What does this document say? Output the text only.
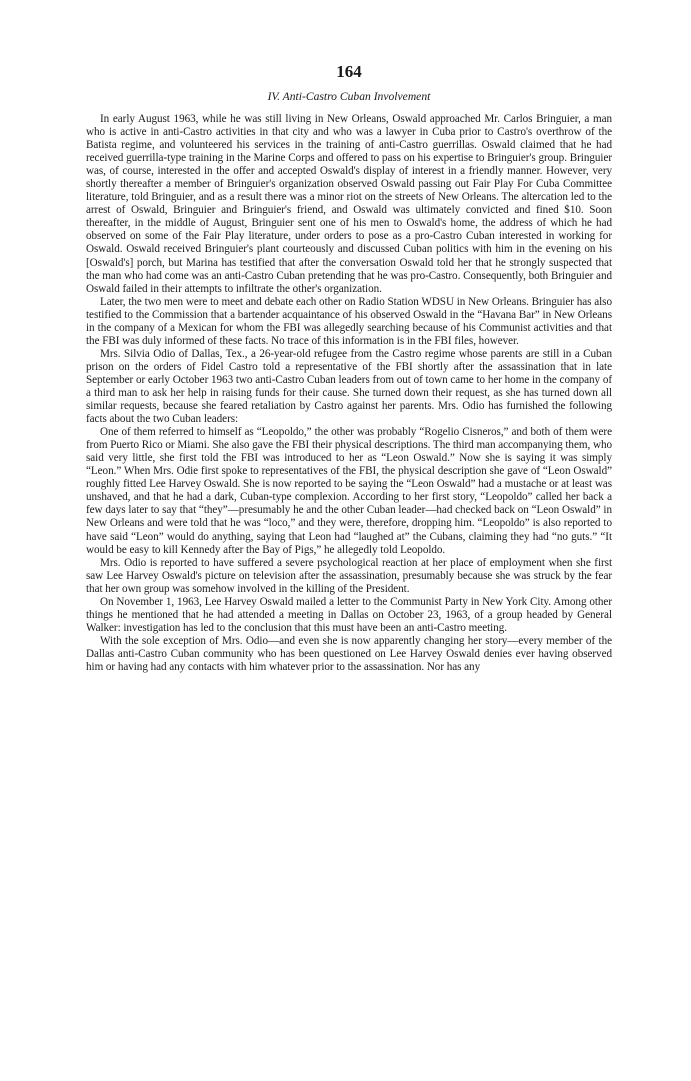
164
IV. Anti-Castro Cuban Involvement

In early August 1963, while he was still living in New Orleans, Oswald approached Mr. Carlos Bringuier, a man who is active in anti-Castro activities in that city and who was a lawyer in Cuba prior to Castro's overthrow of the Batista regime, and volunteered his services in the training of anti-Castro guerrillas. Oswald claimed that he had received guerrilla-type training in the Marine Corps and offered to pass on his expertise to Bringuier's group. Bringuier was, of course, interested in the offer and accepted Oswald's display of interest in a friendly manner. However, very shortly thereafter a member of Bringuier's organization observed Oswald passing out Fair Play For Cuba Committee literature, told Bringuier, and as a result there was a minor riot on the streets of New Orleans. The altercation led to the arrest of Oswald, Bringuier and Bringuier's friend, and Oswald was ultimately convicted and fined $10. Soon thereafter, in the middle of August, Bringuier sent one of his men to Oswald's home, the address of which he had observed on some of the Fair Play literature, under orders to pose as a pro-Castro Cuban interested in working for Oswald. Oswald received Bringuier's plant courteously and discussed Cuban politics with him in the evening on his [Oswald's] porch, but Marina has testified that after the conversation Oswald told her that he strongly suspected that the man who had come was an anti-Castro Cuban pretending that he was pro-Castro. Consequently, both Bringuier and Oswald failed in their attempts to infiltrate the other's organization.

Later, the two men were to meet and debate each other on Radio Station WDSU in New Orleans. Bringuier has also testified to the Commission that a bartender acquaintance of his observed Oswald in the “Havana Bar” in New Orleans in the company of a Mexican for whom the FBI was allegedly searching because of his Communist activities and that the FBI was duly informed of these facts. No trace of this information is in the FBI files, however.

Mrs. Silvia Odio of Dallas, Tex., a 26-year-old refugee from the Castro regime whose parents are still in a Cuban prison on the orders of Fidel Castro told a representative of the FBI shortly after the assassination that in late September or early October 1963 two anti-Castro Cuban leaders from out of town came to her home in the company of a third man to ask her help in raising funds for their cause. She turned down their request, as she has turned down all similar requests, because she feared retaliation by Castro against her parents. Mrs. Odio has furnished the following facts about the two Cuban leaders:

One of them referred to himself as “Leopoldo,” the other was probably “Rogelio Cisneros,” and both of them were from Puerto Rico or Miami. She also gave the FBI their physical descriptions. The third man accompanying them, who said very little, she first told the FBI was introduced to her as “Leon Oswald.” Now she is saying it was simply “Leon.” When Mrs. Odie first spoke to representatives of the FBI, the physical description she gave of “Leon Oswald” roughly fitted Lee Harvey Oswald. She is now reported to be saying the “Leon Oswald” had a mustache or at least was unshaved, and that he had a dark, Cuban-type complexion. According to her first story, “Leopoldo” called her back a few days later to say that “they”—presumably he and the other Cuban leader—had checked back on “Leon Oswald” in New Orleans and were told that he was “loco,” and they were, therefore, dropping him. “Leopoldo” is also reported to have said “Leon” would do anything, saying that Leon had “laughed at” the Cubans, claiming they had “no guts.” “It would be easy to kill Kennedy after the Bay of Pigs,” he allegedly told Leopoldo.

Mrs. Odio is reported to have suffered a severe psychological reaction at her place of employment when she first saw Lee Harvey Oswald's picture on television after the assassination, presumably because she was struck by the fear that her own group was somehow involved in the killing of the President.

On November 1, 1963, Lee Harvey Oswald mailed a letter to the Communist Party in New York City. Among other things he mentioned that he had attended a meeting in Dallas on October 23, 1963, of a group headed by General Walker: investigation has led to the conclusion that this must have been an anti-Castro meeting.

With the sole exception of Mrs. Odio—and even she is now apparently changing her story—every member of the Dallas anti-Castro Cuban community who has been questioned on Lee Harvey Oswald denies ever having observed him or having had any contacts with him whatever prior to the assassination. Nor has any
